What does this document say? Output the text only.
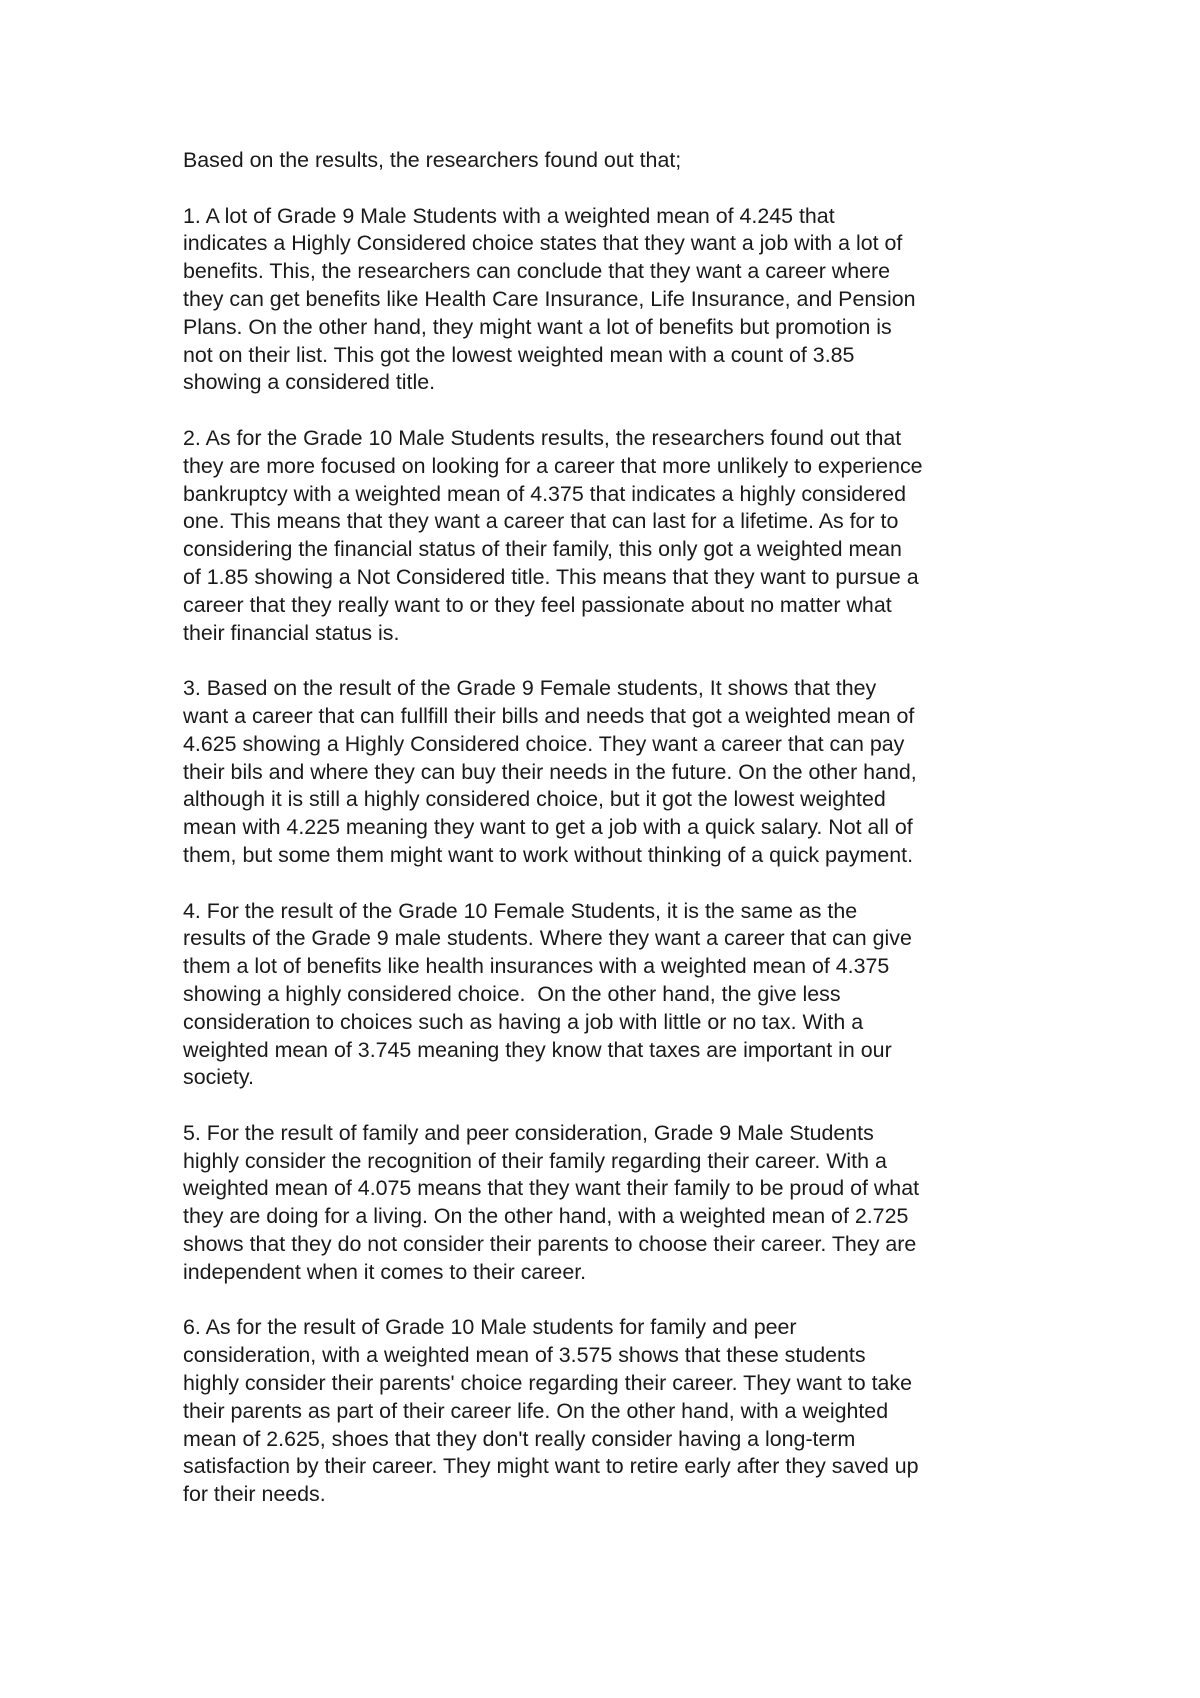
Based on the results, the researchers found out that;
1. A lot of Grade 9 Male Students with a weighted mean of 4.245 that
indicates a Highly Considered choice states that they want a job with a lot of
benefits. This, the researchers can conclude that they want a career where
they can get benefits like Health Care Insurance, Life Insurance, and Pension
Plans. On the other hand, they might want a lot of benefits but promotion is
not on their list. This got the lowest weighted mean with a count of 3.85
showing a considered title.
2. As for the Grade 10 Male Students results, the researchers found out that
they are more focused on looking for a career that more unlikely to experience
bankruptcy with a weighted mean of 4.375 that indicates a highly considered
one. This means that they want a career that can last for a lifetime. As for to
considering the financial status of their family, this only got a weighted mean
of 1.85 showing a Not Considered title. This means that they want to pursue a
career that they really want to or they feel passionate about no matter what
their financial status is.
3. Based on the result of the Grade 9 Female students, It shows that they
want a career that can fullfill their bills and needs that got a weighted mean of
4.625 showing a Highly Considered choice. They want a career that can pay
their bils and where they can buy their needs in the future. On the other hand,
although it is still a highly considered choice, but it got the lowest weighted
mean with 4.225 meaning they want to get a job with a quick salary. Not all of
them, but some them might want to work without thinking of a quick payment.
4. For the result of the Grade 10 Female Students, it is the same as the
results of the Grade 9 male students. Where they want a career that can give
them a lot of benefits like health insurances with a weighted mean of 4.375
showing a highly considered choice.  On the other hand, the give less
consideration to choices such as having a job with little or no tax. With a
weighted mean of 3.745 meaning they know that taxes are important in our
society.
5. For the result of family and peer consideration, Grade 9 Male Students
highly consider the recognition of their family regarding their career. With a
weighted mean of 4.075 means that they want their family to be proud of what
they are doing for a living. On the other hand, with a weighted mean of 2.725
shows that they do not consider their parents to choose their career. They are
independent when it comes to their career.
6. As for the result of Grade 10 Male students for family and peer
consideration, with a weighted mean of 3.575 shows that these students
highly consider their parents' choice regarding their career. They want to take
their parents as part of their career life. On the other hand, with a weighted
mean of 2.625, shoes that they don't really consider having a long-term
satisfaction by their career. They might want to retire early after they saved up
for their needs.
